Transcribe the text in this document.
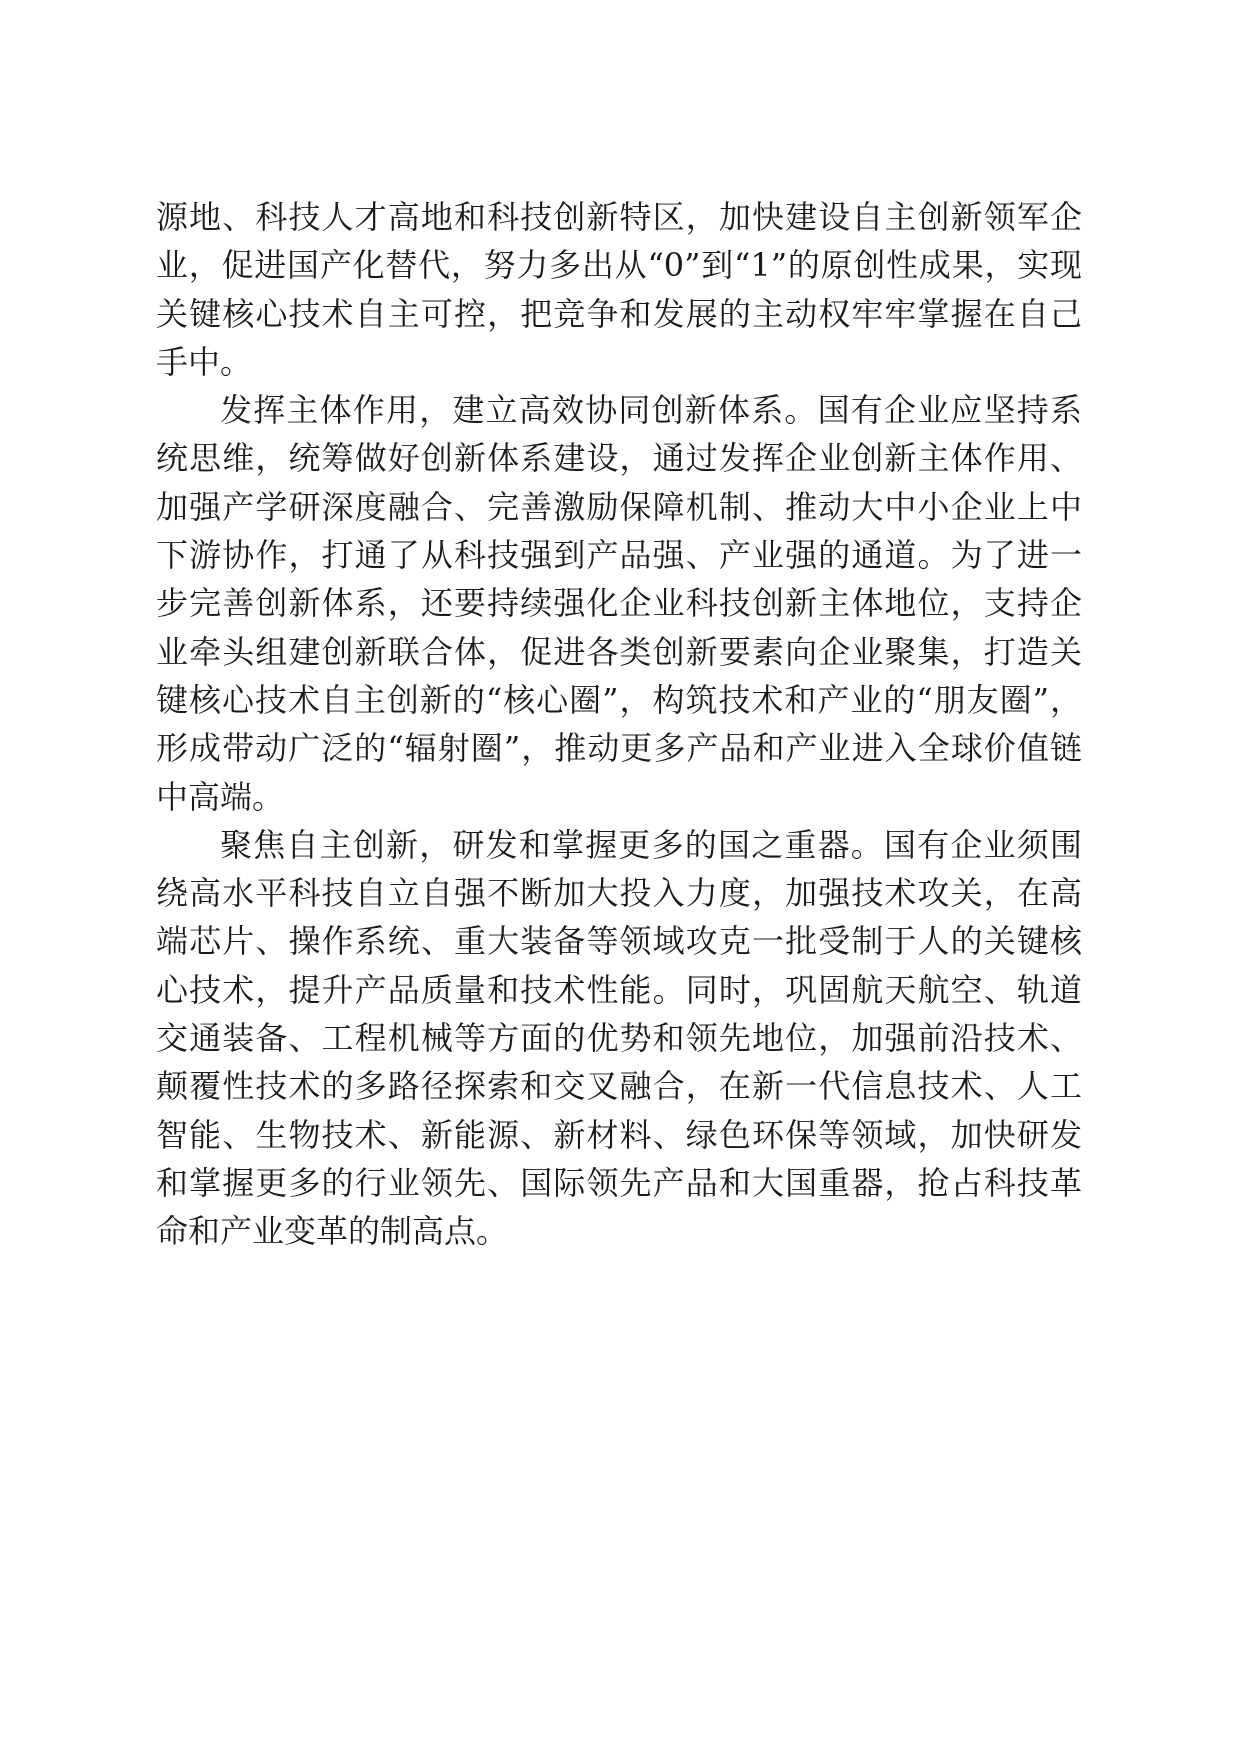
源地、科技人才高地和科技创新特区，加快建设自主创新领军企业，促进国产化替代，努力多出从“0”到“1”的原创性成果，实现关键核心技术自主可控，把竞争和发展的主动权牢牢掌握在自己手中。

发挥主体作用，建立高效协同创新体系。国有企业应坚持系统思维，统筹做好创新体系建设，通过发挥企业创新主体作用、加强产学研深度融合、完善激励保障机制、推动大中小企业上中下游协作，打通了从科技强到产品强、产业强的通道。为了进一步完善创新体系，还要持续强化企业科技创新主体地位，支持企业牵头组建创新联合体，促进各类创新要素向企业聚集，打造关键核心技术自主创新的“核心圈”，构筑技术和产业的“朋友圈”，形成带动广泛的“辐射圈”，推动更多产品和产业进入全球价值链中高端。

聚焦自主创新，研发和掌握更多的国之重器。国有企业须围绕高水平科技自立自强不断加大投入力度，加强技术攻关，在高端芯片、操作系统、重大装备等领域攻克一批受制于人的关键核心技术，提升产品质量和技术性能。同时，巩固航天航空、轨道交通装备、工程机械等方面的优势和领先地位，加强前沿技术、颠覆性技术的多路径探索和交叉融合，在新一代信息技术、人工智能、生物技术、新能源、新材料、绿色环保等领域，加快研发和掌握更多的行业领先、国际领先产品和大国重器，抢占科技革命和产业变革的制高点。
